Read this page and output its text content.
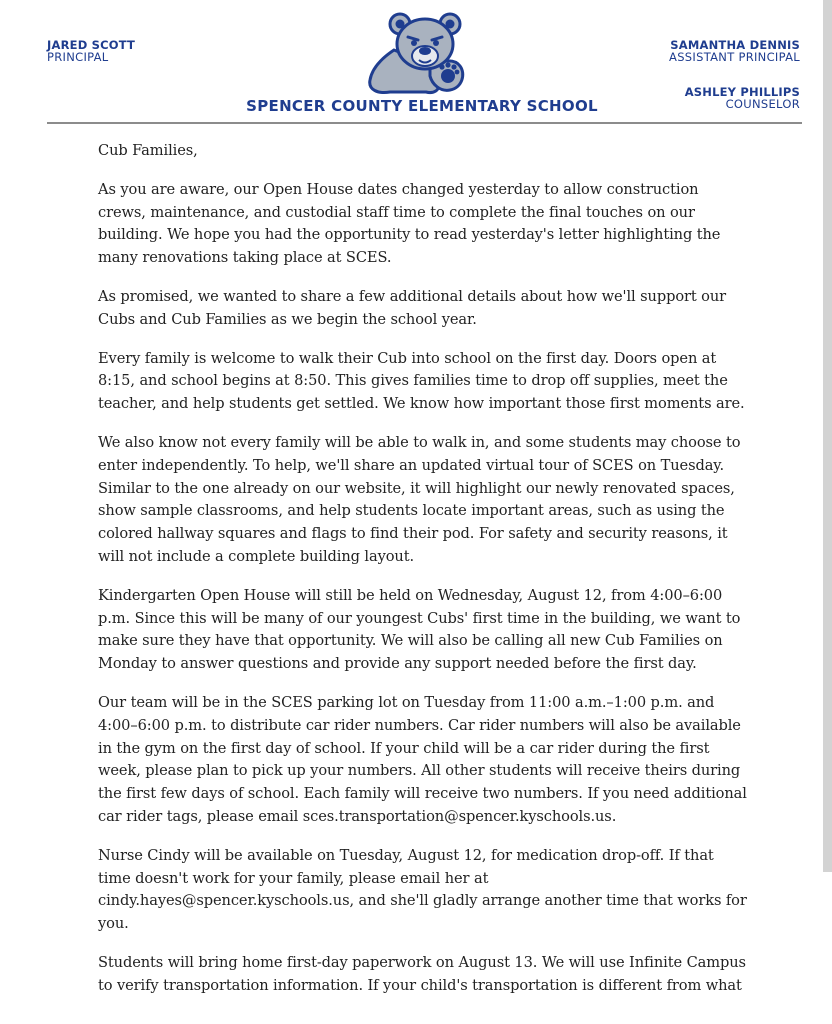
JARED SCOTT
PRINCIPAL
SAMANTHA DENNIS
ASSISTANT PRINCIPAL
ASHLEY PHILLIPS
COUNSELOR
SPENCER COUNTY ELEMENTARY SCHOOL

Cub Families,

As you are aware, our Open House dates changed yesterday to allow construction crews, maintenance, and custodial staff time to complete the final touches on our building. We hope you had the opportunity to read yesterday's letter highlighting the many renovations taking place at SCES.

As promised, we wanted to share a few additional details about how we'll support our Cubs and Cub Families as we begin the school year.

Every family is welcome to walk their Cub into school on the first day. Doors open at 8:15, and school begins at 8:50. This gives families time to drop off supplies, meet the teacher, and help students get settled. We know how important those first moments are.

We also know not every family will be able to walk in, and some students may choose to enter independently. To help, we'll share an updated virtual tour of SCES on Tuesday. Similar to the one already on our website, it will highlight our newly renovated spaces, show sample classrooms, and help students locate important areas, such as using the colored hallway squares and flags to find their pod. For safety and security reasons, it will not include a complete building layout.

Kindergarten Open House will still be held on Wednesday, August 12, from 4:00–6:00 p.m. Since this will be many of our youngest Cubs' first time in the building, we want to make sure they have that opportunity. We will also be calling all new Cub Families on Monday to answer questions and provide any support needed before the first day.

Our team will be in the SCES parking lot on Tuesday from 11:00 a.m.–1:00 p.m. and 4:00–6:00 p.m. to distribute car rider numbers. Car rider numbers will also be available in the gym on the first day of school. If your child will be a car rider during the first week, please plan to pick up your numbers. All other students will receive theirs during the first few days of school. Each family will receive two numbers. If you need additional car rider tags, please email sces.transportation@spencer.kyschools.us.

Nurse Cindy will be available on Tuesday, August 12, for medication drop-off. If that time doesn't work for your family, please email her at cindy.hayes@spencer.kyschools.us, and she'll gladly arrange another time that works for you.

Students will bring home first-day paperwork on August 13. We will use Infinite Campus to verify transportation information. If your child's transportation is different from what
